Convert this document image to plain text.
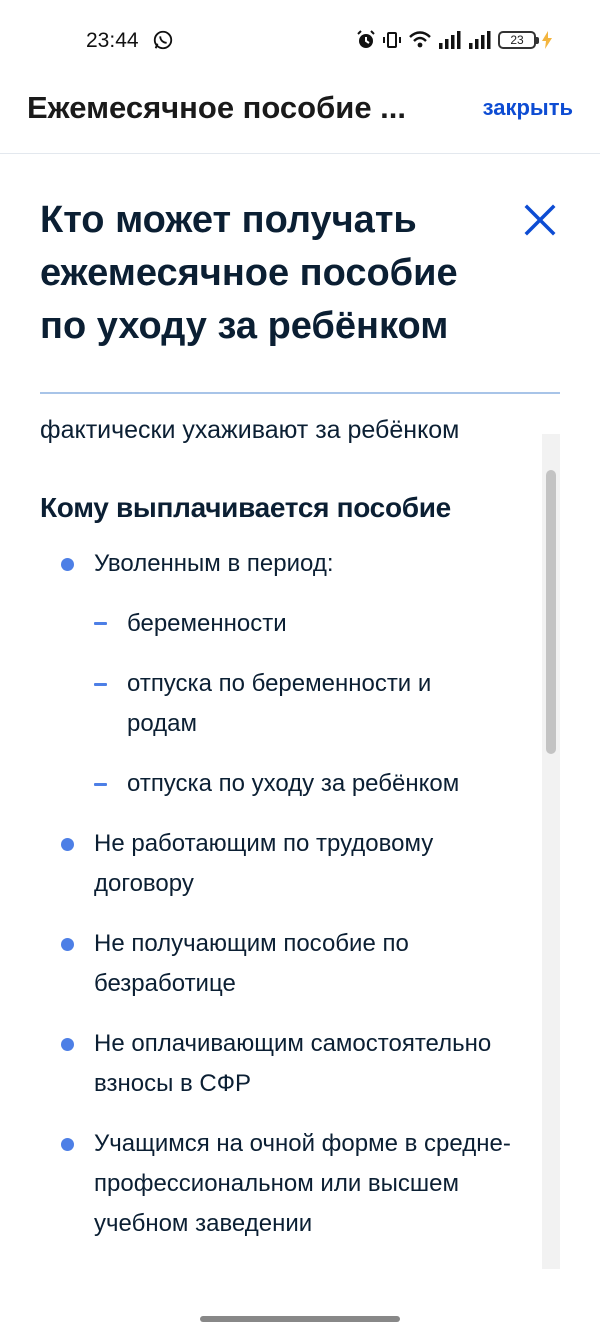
23:44	23
Ежемесячное пособие ...	закрыть
Кто может получать ежемесячное пособие по уходу за ребёнком
фактически ухаживают за ребёнком
Кому выплачивается пособие
Уволенным в период:
беременности
отпуска по беременности и родам
отпуска по уходу за ребёнком
Не работающим по трудовому договору
Не получающим пособие по безработице
Не оплачивающим самостоятельно взносы в СФР
Учащимся на очной форме в средне-профессиональном или высшем учебном заведении
